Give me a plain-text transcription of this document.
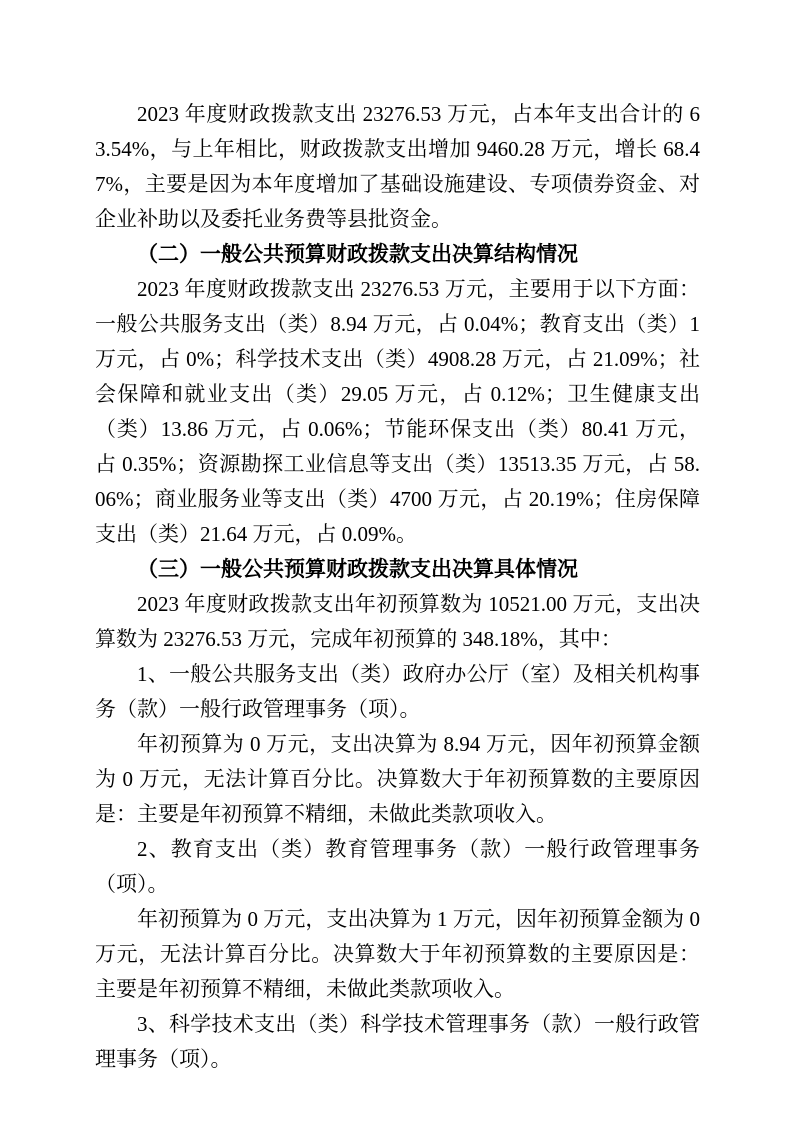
2023 年度财政拨款支出 23276.53 万元，占本年支出合计的 63.54%，与上年相比，财政拨款支出增加 9460.28 万元，增长 68.47%，主要是因为本年度增加了基础设施建设、专项债券资金、对企业补助以及委托业务费等县批资金。

（二）一般公共预算财政拨款支出决算结构情况

2023 年度财政拨款支出 23276.53 万元，主要用于以下方面：一般公共服务支出（类）8.94 万元，占 0.04%；教育支出（类）1 万元，占 0%；科学技术支出（类）4908.28 万元，占 21.09%；社会保障和就业支出（类）29.05 万元，占 0.12%；卫生健康支出（类）13.86 万元，占 0.06%；节能环保支出（类）80.41 万元，占 0.35%；资源勘探工业信息等支出（类）13513.35 万元，占 58.06%；商业服务业等支出（类）4700 万元，占 20.19%；住房保障支出（类）21.64 万元，占 0.09%。

（三）一般公共预算财政拨款支出决算具体情况

2023 年度财政拨款支出年初预算数为 10521.00 万元，支出决算数为 23276.53 万元，完成年初预算的 348.18%，其中：

1、一般公共服务支出（类）政府办公厅（室）及相关机构事务（款）一般行政管理事务（项）。

年初预算为 0 万元，支出决算为 8.94 万元，因年初预算金额为 0 万元，无法计算百分比。决算数大于年初预算数的主要原因是：主要是年初预算不精细，未做此类款项收入。

2、教育支出（类）教育管理事务（款）一般行政管理事务（项）。

年初预算为 0 万元，支出决算为 1 万元，因年初预算金额为 0 万元，无法计算百分比。决算数大于年初预算数的主要原因是：主要是年初预算不精细，未做此类款项收入。

3、科学技术支出（类）科学技术管理事务（款）一般行政管理事务（项）。
